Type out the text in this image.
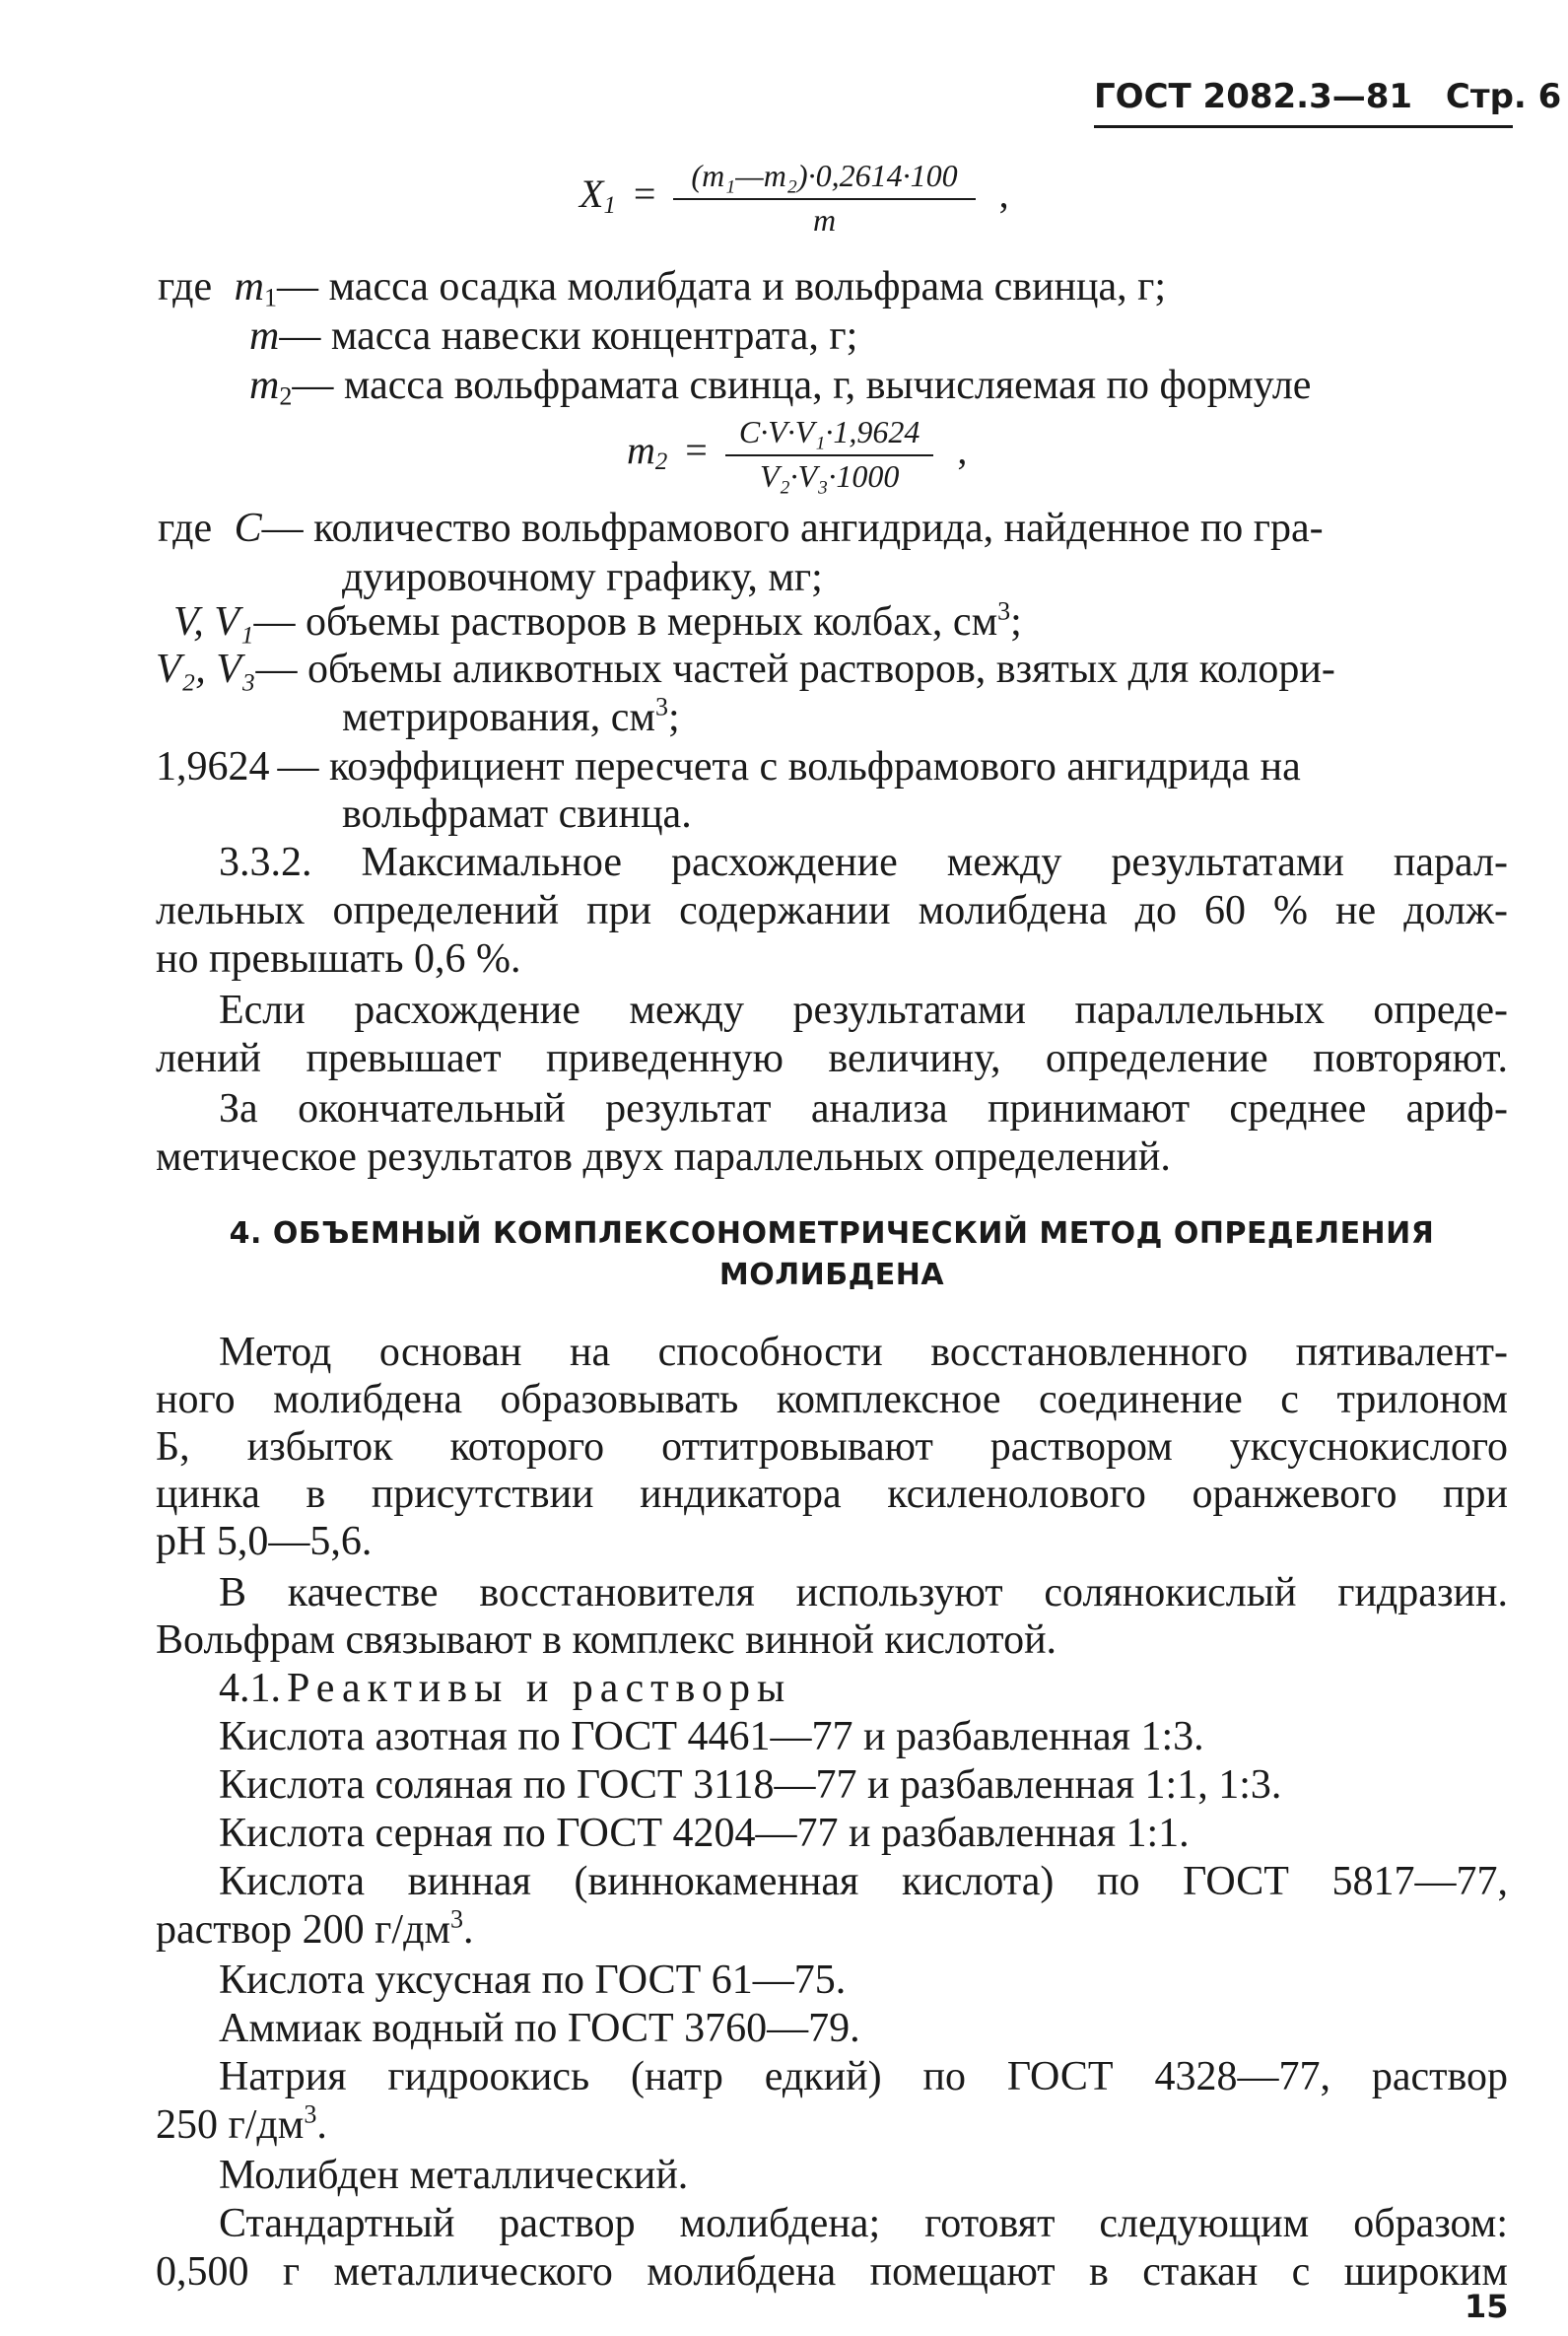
ГОСТ 2082.3—81 Стр. 6
$X_1 = \frac{\text{(m₁—m₂)·0,2614·100}}{m}$ ,
где $m_1—$ масса осадка молибдата и вольфрама свинца, г;
m— масса навески концентрата, г;
$m_2—$ масса вольфрамата свинца, г, вычисляемая по формуле
$m_2 = \frac{\text{C·V·V₁·1,9624}}{\text{V₂·V₃·1000}}$ ,
где C— количество вольфрамового ангидрида, найденное по гра-
дуировочному графику, мг;
V, V₁— объемы растворов в мерных колбах, $см^3$;
V₂, V₃— объемы аликвотных частей растворов, взятых для колори-
метрирования, $см^3$;
1,9624 — коэффициент пересчета с вольфрамового ангидрида на
вольфрамат свинца.
3.3.2. Максимальное расхождение между результатами парал-
лельных определений при содержании молибдена до 60 % не долж-
но превышать 0,6 %.
Если расхождение между результатами параллельных опреде-
лений превышает приведенную величину, определение повторяют.
За окончательный результат анализа принимают среднее ариф-
метическое результатов двух параллельных определений.
4. ОБЪЕМНЫЙ КОМПЛЕКСОНОМЕТРИЧЕСКИЙ МЕТОД ОПРЕДЕЛЕНИЯ
МОЛИБДЕНА
Метод основан на способности восстановленного пятивалент-
ного молибдена образовывать комплексное соединение с трилоном
Б, избыток которого оттитровывают раствором уксуснокислого
цинка в присутствии индикатора ксиленолового оранжевого при
рН 5,0—5,6.
В качестве восстановителя используют солянокислый гидразин.
Вольфрам связывают в комплекс винной кислотой.
4.1. Реактивы и растворы
Кислота азотная по ГОСТ 4461—77 и разбавленная 1:3.
Кислота соляная по ГОСТ 3118—77 и разбавленная 1:1, 1:3.
Кислота серная по ГОСТ 4204—77 и разбавленная 1:1.
Кислота винная (виннокаменная кислота) по ГОСТ 5817—77,
раствор 200 $г/дм^3$.
Кислота уксусная по ГОСТ 61—75.
Аммиак водный по ГОСТ 3760—79.
Натрия гидроокись (натр едкий) по ГОСТ 4328—77, раствор
250 $г/дм^3$.
Молибден металлический.
Стандартный раствор молибдена; готовят следующим образом:
0,500 г металлического молибдена помещают в стакан с широким
15
